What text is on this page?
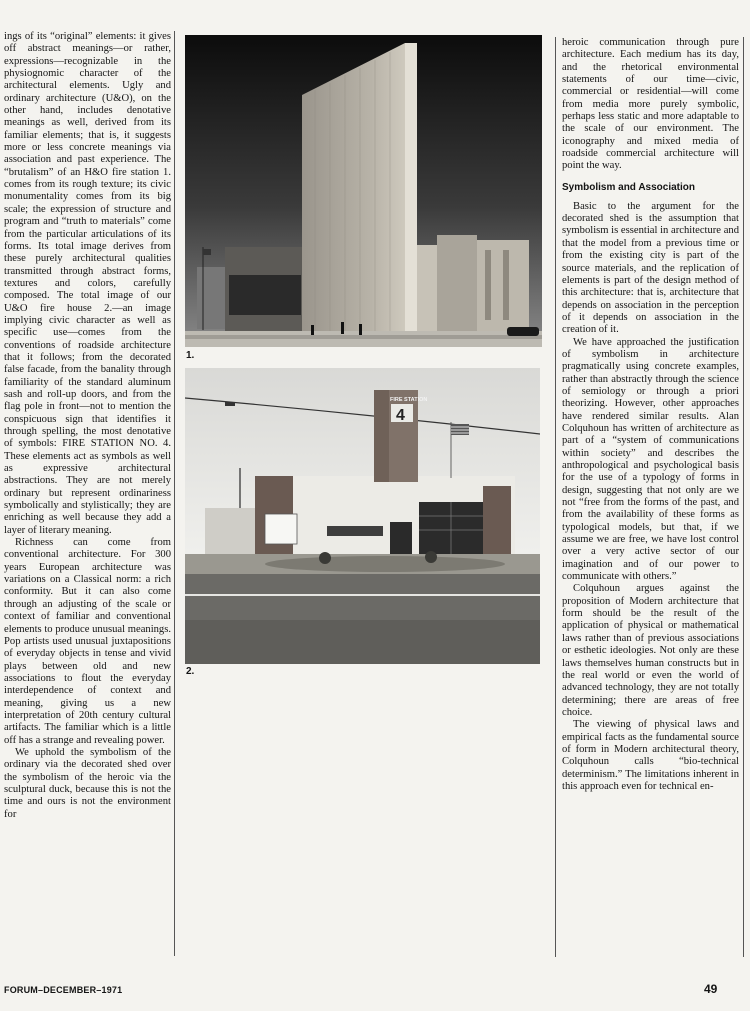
ings of its “original” elements: it gives off abstract meanings—or rather, expressions—recognizable in the physiognomic character of the architectural elements. Ugly and ordinary architecture (U&O), on the other hand, includes denotative meanings as well, derived from its familiar elements; that is, it suggests more or less concrete meanings via association and past experience. The “brutalism” of an H&O fire station 1. comes from its rough texture; its civic monumentality comes from its big scale; the expression of structure and program and “truth to materials” come from the particular articulations of its forms. Its total image derives from these purely architectural qualities transmitted through abstract forms, textures and colors, carefully composed. The total image of our U&O fire house 2.—an image implying civic character as well as specific use—comes from the conventions of roadside architecture that it follows; from the decorated false facade, from the banality through familiarity of the standard aluminum sash and roll-up doors, and from the flag pole in front—not to mention the conspicuous sign that identifies it through spelling, the most denotative of symbols: FIRE STATION NO. 4. These elements act as symbols as well as expressive architectural abstractions. They are not merely ordinary but represent ordinariness symbolically and stylistically; they are enriching as well because they add a layer of literary meaning.

Richness can come from conventional architecture. For 300 years European architecture was variations on a Classical norm: a rich conformity. But it can also come through an adjusting of the scale or context of familiar and conventional elements to produce unusual meanings. Pop artists used unusual juxtapositions of everyday objects in tense and vivid plays between old and new associations to flout the everyday interdependence of context and meaning, giving us a new interpretation of 20th century cultural artifacts. The familiar which is a little off has a strange and revealing power.

We uphold the symbolism of the ordinary via the decorated shed over the symbolism of the heroic via the sculptural duck, because this is not the time and ours is not the environment for

1.
FIRE STATION
4
2.

heroic communication through pure architecture. Each medium has its day, and the rhetorical environmental statements of our time—civic, commercial or residential—will come from media more purely symbolic, perhaps less static and more adaptable to the scale of our environment. The iconography and mixed media of roadside commercial architecture will point the way.

Symbolism and Association

Basic to the argument for the decorated shed is the assumption that symbolism is essential in architecture and that the model from a previous time or from the existing city is part of the source materials, and the replication of elements is part of the design method of this architecture: that is, architecture that depends on association in the perception of it depends on association in the creation of it.

We have approached the justification of symbolism in architecture pragmatically using concrete examples, rather than abstractly through the science of semiology or through a priori theorizing. However, other approaches have rendered similar results. Alan Colquhoun has written of architecture as part of a “system of communications within society” and describes the anthropological and psychological basis for the use of a typology of forms in design, suggesting that not only are we not “free from the forms of the past, and from the availability of these forms as typological models, but that, if we assume we are free, we have lost control over a very active sector of our imagination and of our power to communicate with others.”

Colquhoun argues against the proposition of Modern architecture that form should be the result of the application of physical or mathematical laws rather than of previous associations or esthetic ideologies. Not only are these laws themselves human constructs but in the real world or even the world of advanced technology, they are not totally determining; there are areas of free choice.

The viewing of physical laws and empirical facts as the fundamental source of form in Modern architectural theory, Colquhoun calls “bio-technical determinism.” The limitations inherent in this approach even for technical en-

FORUM–DECEMBER–1971	49
